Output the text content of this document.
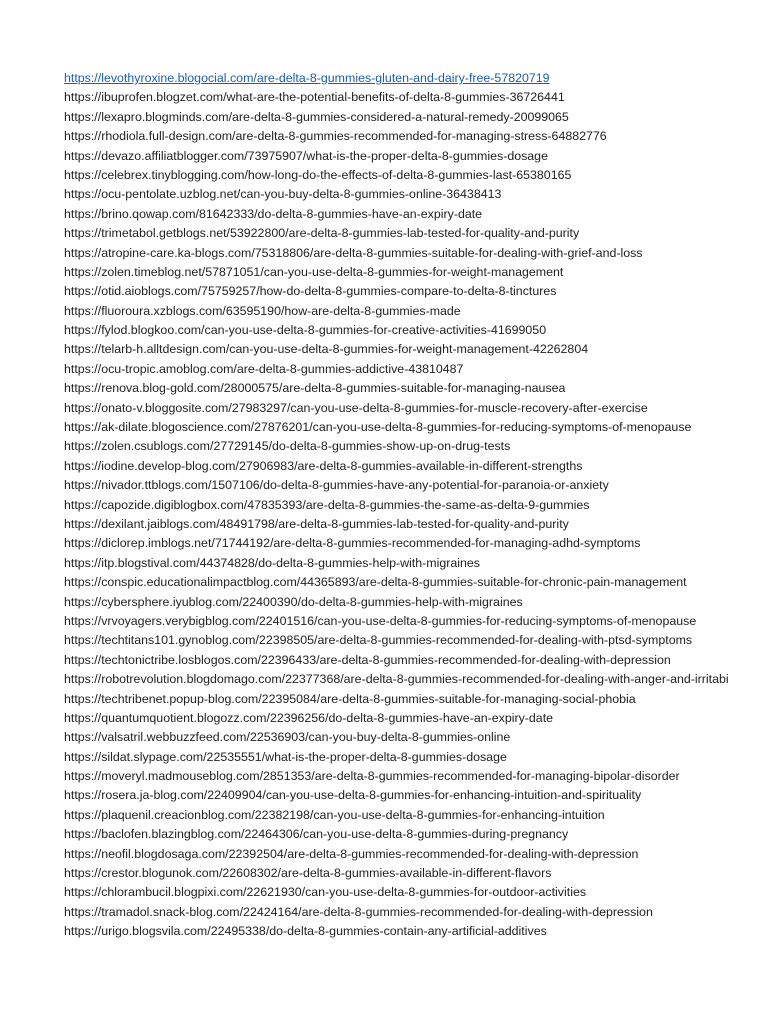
https://levothyroxine.blogocial.com/are-delta-8-gummies-gluten-and-dairy-free-57820719
https://ibuprofen.blogzet.com/what-are-the-potential-benefits-of-delta-8-gummies-36726441
https://lexapro.blogminds.com/are-delta-8-gummies-considered-a-natural-remedy-20099065
https://rhodiola.full-design.com/are-delta-8-gummies-recommended-for-managing-stress-64882776
https://devazo.affiliatblogger.com/73975907/what-is-the-proper-delta-8-gummies-dosage
https://celebrex.tinyblogging.com/how-long-do-the-effects-of-delta-8-gummies-last-65380165
https://ocu-pentolate.uzblog.net/can-you-buy-delta-8-gummies-online-36438413
https://brino.qowap.com/81642333/do-delta-8-gummies-have-an-expiry-date
https://trimetabol.getblogs.net/53922800/are-delta-8-gummies-lab-tested-for-quality-and-purity
https://atropine-care.ka-blogs.com/75318806/are-delta-8-gummies-suitable-for-dealing-with-grief-and-loss
https://zolen.timeblog.net/57871051/can-you-use-delta-8-gummies-for-weight-management
https://otid.aioblogs.com/75759257/how-do-delta-8-gummies-compare-to-delta-8-tinctures
https://fluoroura.xzblogs.com/63595190/how-are-delta-8-gummies-made
https://fylod.blogkoo.com/can-you-use-delta-8-gummies-for-creative-activities-41699050
https://telarb-h.alltdesign.com/can-you-use-delta-8-gummies-for-weight-management-42262804
https://ocu-tropic.amoblog.com/are-delta-8-gummies-addictive-43810487
https://renova.blog-gold.com/28000575/are-delta-8-gummies-suitable-for-managing-nausea
https://onato-v.bloggosite.com/27983297/can-you-use-delta-8-gummies-for-muscle-recovery-after-exercise
https://ak-dilate.blogoscience.com/27876201/can-you-use-delta-8-gummies-for-reducing-symptoms-of-menopause
https://zolen.csublogs.com/27729145/do-delta-8-gummies-show-up-on-drug-tests
https://iodine.develop-blog.com/27906983/are-delta-8-gummies-available-in-different-strengths
https://nivador.ttblogs.com/1507106/do-delta-8-gummies-have-any-potential-for-paranoia-or-anxiety
https://capozide.digiblogbox.com/47835393/are-delta-8-gummies-the-same-as-delta-9-gummies
https://dexilant.jaiblogs.com/48491798/are-delta-8-gummies-lab-tested-for-quality-and-purity
https://diclorep.imblogs.net/71744192/are-delta-8-gummies-recommended-for-managing-adhd-symptoms
https://itp.blogstival.com/44374828/do-delta-8-gummies-help-with-migraines
https://conspic.educationalimpactblog.com/44365893/are-delta-8-gummies-suitable-for-chronic-pain-management
https://cybersphere.iyublog.com/22400390/do-delta-8-gummies-help-with-migraines
https://vrvoyagers.verybigblog.com/22401516/can-you-use-delta-8-gummies-for-reducing-symptoms-of-menopause
https://techtitans101.gynoblog.com/22398505/are-delta-8-gummies-recommended-for-dealing-with-ptsd-symptoms
https://techtonictribe.losblogos.com/22396433/are-delta-8-gummies-recommended-for-dealing-with-depression
https://robotrevolution.blogdomago.com/22377368/are-delta-8-gummies-recommended-for-dealing-with-anger-and-irritabi
https://techtribenet.popup-blog.com/22395084/are-delta-8-gummies-suitable-for-managing-social-phobia
https://quantumquotient.blogozz.com/22396256/do-delta-8-gummies-have-an-expiry-date
https://valsatril.webbuzzfeed.com/22536903/can-you-buy-delta-8-gummies-online
https://sildat.slypage.com/22535551/what-is-the-proper-delta-8-gummies-dosage
https://moveryl.madmouseblog.com/2851353/are-delta-8-gummies-recommended-for-managing-bipolar-disorder
https://rosera.ja-blog.com/22409904/can-you-use-delta-8-gummies-for-enhancing-intuition-and-spirituality
https://plaquenil.creacionblog.com/22382198/can-you-use-delta-8-gummies-for-enhancing-intuition
https://baclofen.blazingblog.com/22464306/can-you-use-delta-8-gummies-during-pregnancy
https://neofil.blogdosaga.com/22392504/are-delta-8-gummies-recommended-for-dealing-with-depression
https://crestor.blogunok.com/22608302/are-delta-8-gummies-available-in-different-flavors
https://chlorambucil.blogpixi.com/22621930/can-you-use-delta-8-gummies-for-outdoor-activities
https://tramadol.snack-blog.com/22424164/are-delta-8-gummies-recommended-for-dealing-with-depression
https://urigo.blogsvila.com/22495338/do-delta-8-gummies-contain-any-artificial-additives
